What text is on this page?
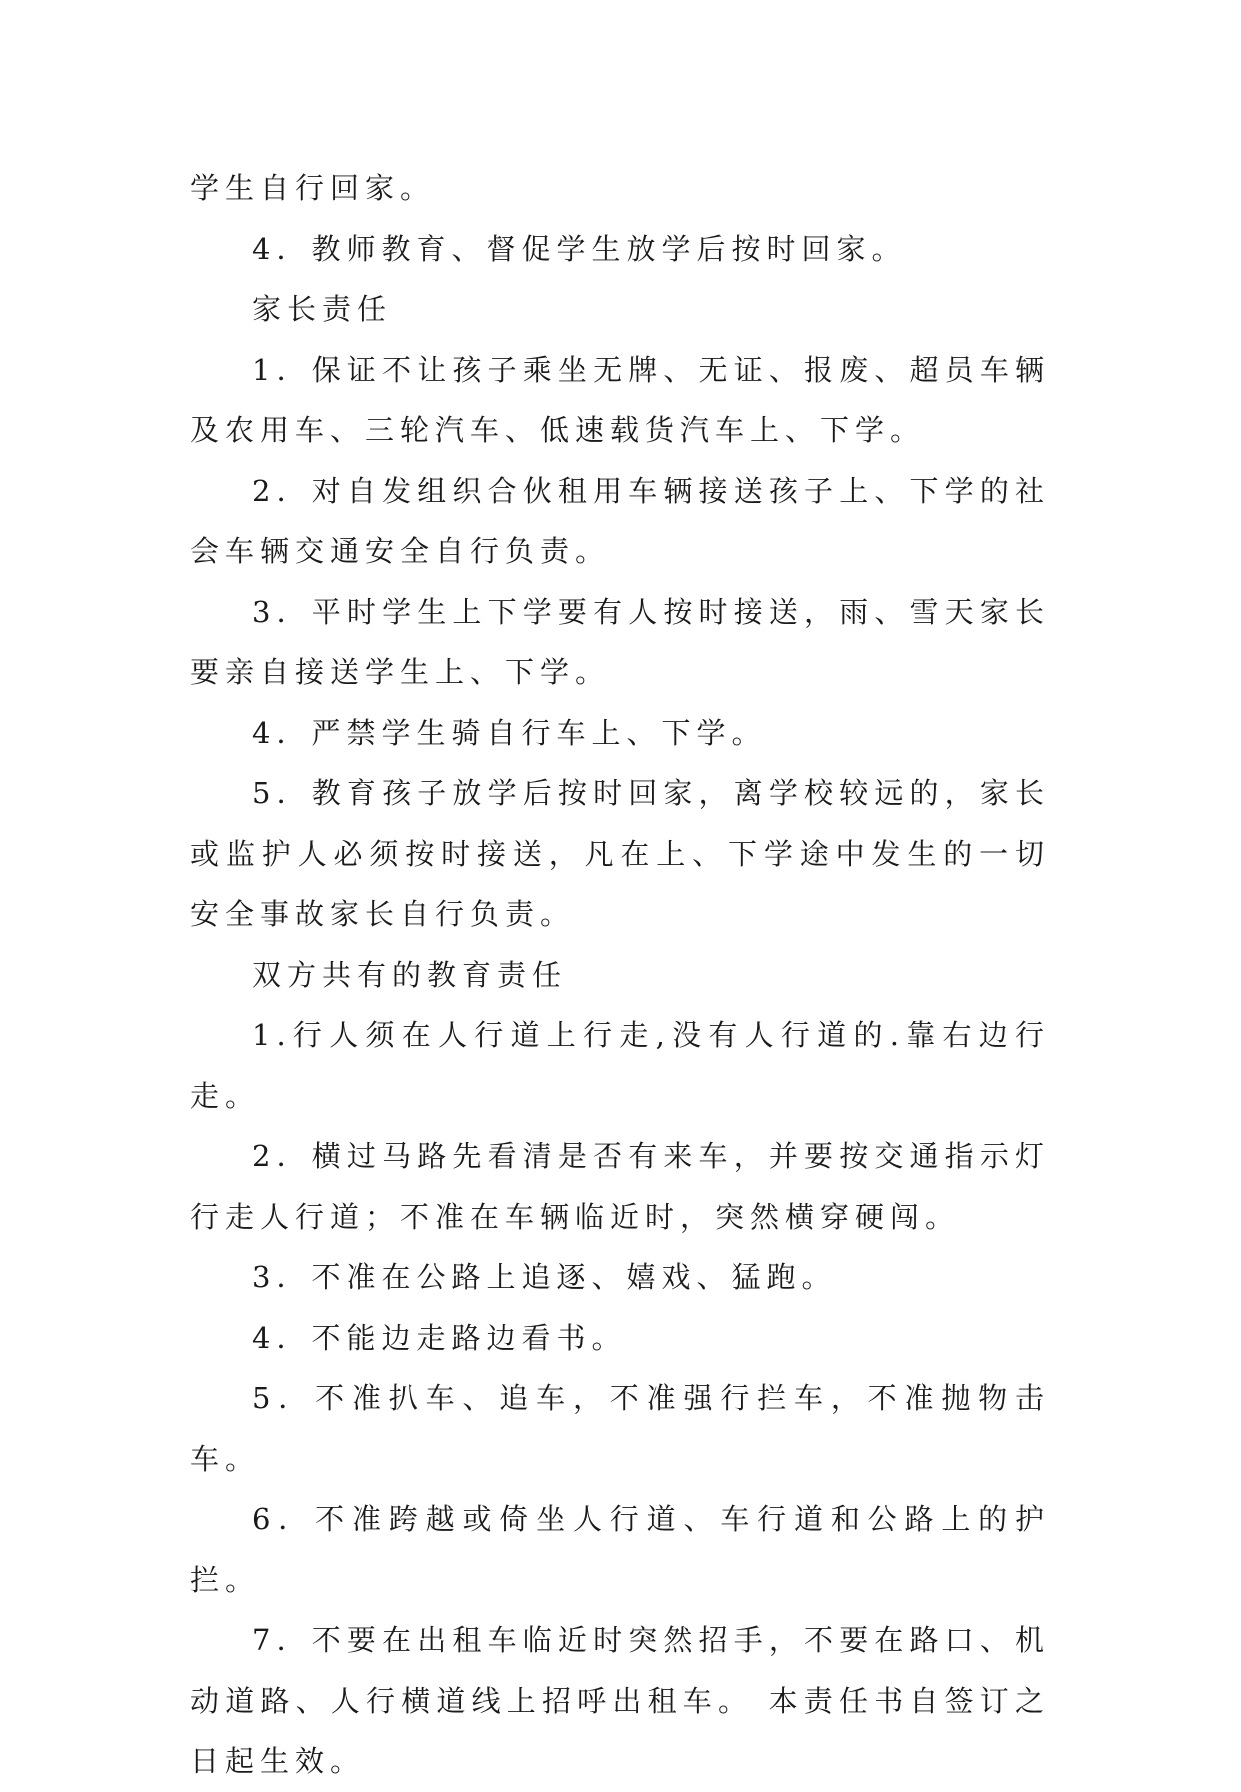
学生自行回家。

4．教师教育、督促学生放学后按时回家。

家长责任

1．保证不让孩子乘坐无牌、无证、报废、超员车辆及农用车、三轮汽车、低速载货汽车上、下学。

2．对自发组织合伙租用车辆接送孩子上、下学的社会车辆交通安全自行负责。

3．平时学生上下学要有人按时接送，雨、雪天家长要亲自接送学生上、下学。

4．严禁学生骑自行车上、下学。

5．教育孩子放学后按时回家，离学校较远的，家长或监护人必须按时接送，凡在上、下学途中发生的一切安全事故家长自行负责。

双方共有的教育责任

1.行人须在人行道上行走,没有人行道的.靠右边行走。

2．横过马路先看清是否有来车，并要按交通指示灯行走人行道；不准在车辆临近时，突然横穿硬闯。

3．不准在公路上追逐、嬉戏、猛跑。

4．不能边走路边看书。

5．不准扒车、追车，不准强行拦车，不准抛物击车。

6．不准跨越或倚坐人行道、车行道和公路上的护拦。

7．不要在出租车临近时突然招手，不要在路口、机动道路、人行横道线上招呼出租车。 本责任书自签订之日起生效。
